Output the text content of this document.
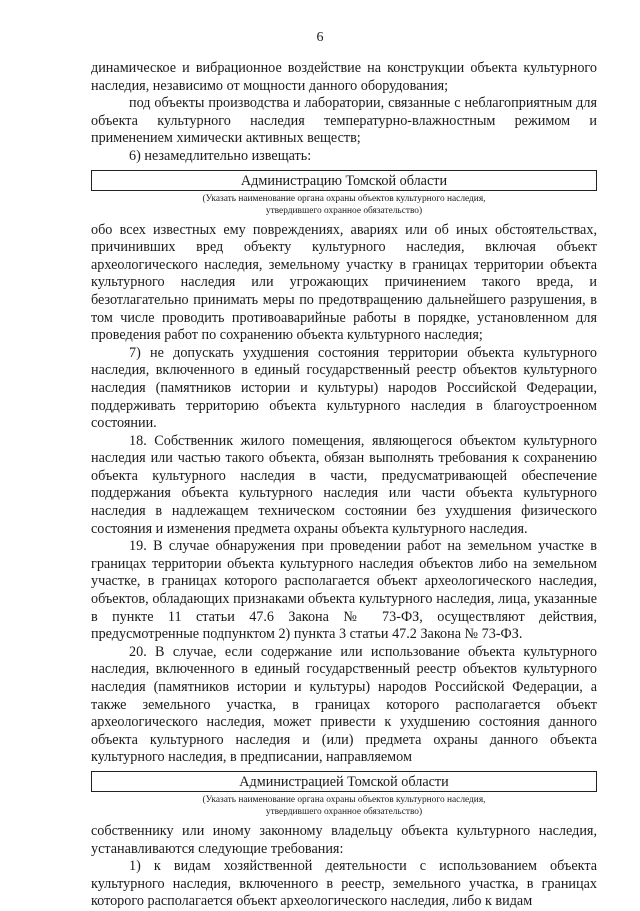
6

динамическое и вибрационное воздействие на конструкции объекта культурного наследия, независимо от мощности данного оборудования;

под объекты производства и лаборатории, связанные с неблагоприятным для объекта культурного наследия температурно-влажностным режимом и применением химически активных веществ;

6) незамедлительно извещать:

Администрацию Томской области
(Указать наименование органа охраны объектов культурного наследия,
утвердившего охранное обязательство)

обо всех известных ему повреждениях, авариях или об иных обстоятельствах, причинивших вред объекту культурного наследия, включая объект археологического наследия, земельному участку в границах территории объекта культурного наследия или угрожающих причинением такого вреда, и безотлагательно принимать меры по предотвращению дальнейшего разрушения, в том числе проводить противоаварийные работы в порядке, установленном для проведения работ по сохранению объекта культурного наследия;

7) не допускать ухудшения состояния территории объекта культурного наследия, включенного в единый государственный реестр объектов культурного наследия (памятников истории и культуры) народов Российской Федерации, поддерживать территорию объекта культурного наследия в благоустроенном состоянии.

18. Собственник жилого помещения, являющегося объектом культурного наследия или частью такого объекта, обязан выполнять требования к сохранению объекта культурного наследия в части, предусматривающей обеспечение поддержания объекта культурного наследия или части объекта культурного наследия в надлежащем техническом состоянии без ухудшения физического состояния и изменения предмета охраны объекта культурного наследия.

19. В случае обнаружения при проведении работ на земельном участке в границах территории объекта культурного наследия объектов либо на земельном участке, в границах которого располагается объект археологического наследия, объектов, обладающих признаками объекта культурного наследия, лица, указанные в пункте 11 статьи 47.6 Закона № 73-ФЗ, осуществляют действия, предусмотренные подпунктом 2) пункта 3 статьи 47.2 Закона № 73-ФЗ.

20. В случае, если содержание или использование объекта культурного наследия, включенного в единый государственный реестр объектов культурного наследия (памятников истории и культуры) народов Российской Федерации, а также земельного участка, в границах которого располагается объект археологического наследия, может привести к ухудшению состояния данного объекта культурного наследия и (или) предмета охраны данного объекта культурного наследия, в предписании, направляемом

Администрацией Томской области
(Указать наименование органа охраны объектов культурного наследия,
утвердившего охранное обязательство)

собственнику или иному законному владельцу объекта культурного наследия, устанавливаются следующие требования:

1) к видам хозяйственной деятельности с использованием объекта культурного наследия, включенного в реестр, земельного участка, в границах которого располагается объект археологического наследия, либо к видам
